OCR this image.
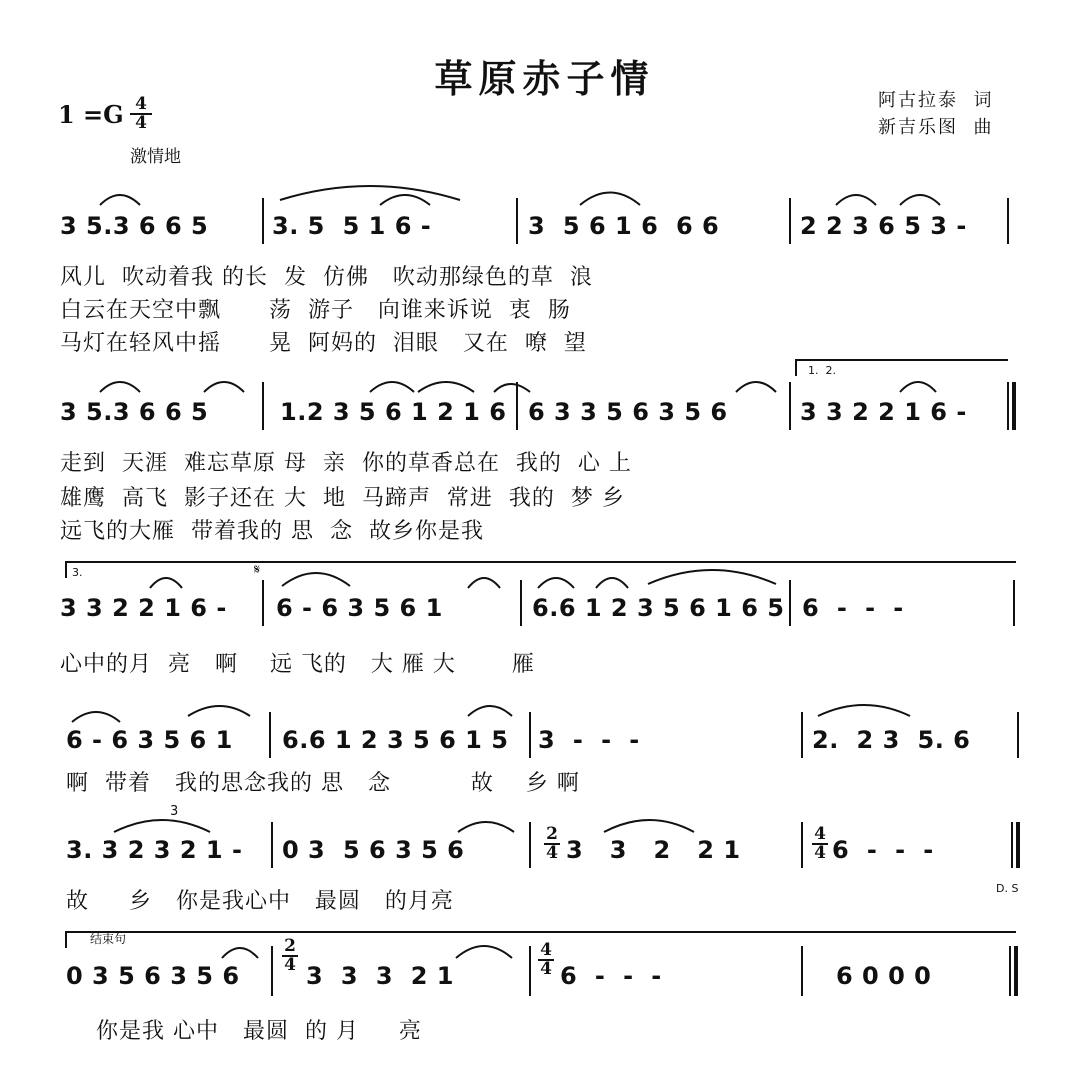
草原赤子情
$1 =G \frac{4}{4}$
激情地
阿古拉泰  词
新吉乐图  曲
3 5.3 6 6 5	3. 5  5 1 6 -	3  5 6 1 6  6 6	2 2 3 6 5 3 -
风儿  吹动着我 的长  发  仿佛   吹动那绿色的草  浪
白云在天空中飘      荡  游子   向谁来诉说  衷  肠
马灯在轻风中摇      晃  阿妈的  泪眼   又在  嘹  望
3 5.3 6 6 5	1.2 3 5 6 1 2 1 6 6 3 3 5 6 3 5 6	3 3 2 2 1 6 -
1.  2.
走到  天涯  难忘草原 母  亲  你的草香总在  我的  心 上
雄鹰  高飞  影子还在 大  地  马蹄声  常进  我的  梦 乡
远飞的大雁  带着我的 思  念  故乡你是我
3.	𝄋
3 3 2 2 1 6 - 6 - 6 3 5 6 1	6.6 1 2 3 5 6 1 6 5 6  -  -  -
心中的月  亮   啊    远 飞的   大 雁 大       雁
6 - 6 3 5 6 1 6.6 1 2 3 5 6 1 5 3  -  -  -	2.  2 3  5. 6
啊  带着   我的思念我的 思   念          故    乡 啊
3
3. 3 2 3 2 1 - 0 3  5 6 3 5 6	$\frac{2}{4} 3$   3   2   2 1	$\frac{4}{4} 6$  -  -  -
D. S
故     乡   你是我心中   最圆   的月亮
结束句
0 3 5 6 3 5 6
$\frac{2}{4}$
3  3  3  2 1	$\frac{4}{4} 6$  -  -  -	6 0 0 0
你是我 心中   最圆  的 月     亮
